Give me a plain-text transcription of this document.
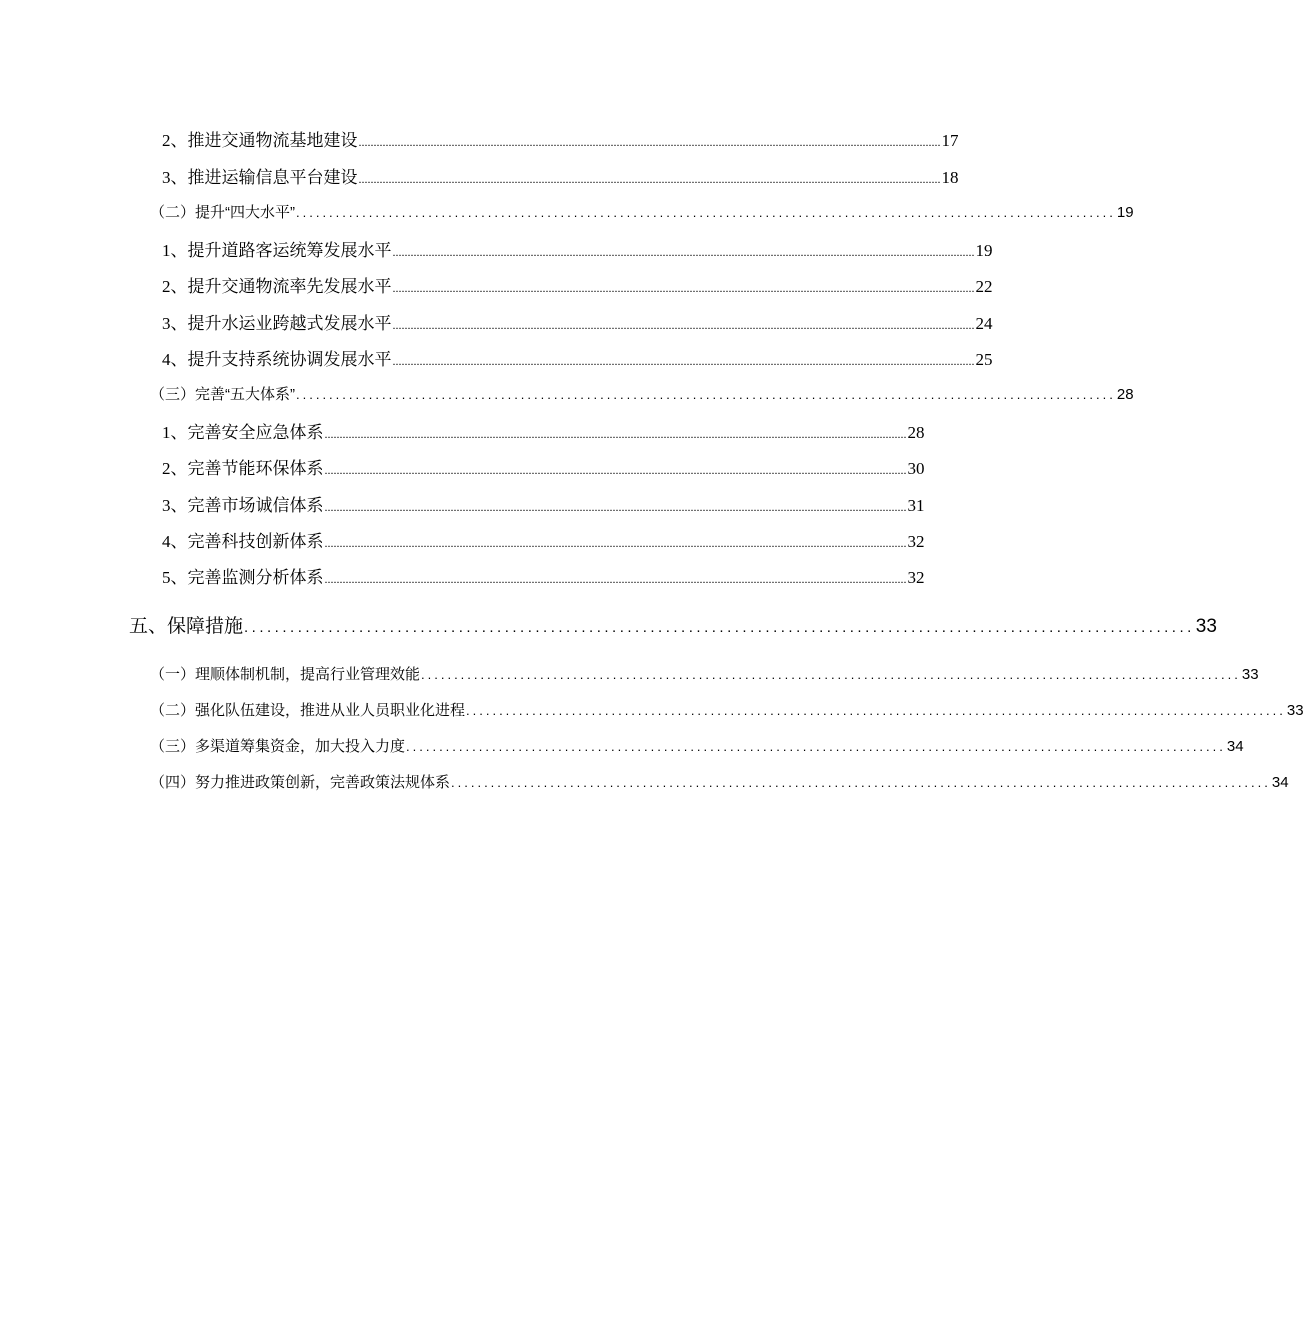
2、推进交通物流基地建设 .................................................................................................................................................................................................. 17
3、推进运输信息平台建设 .................................................................................................................................................................................................. 18
（二）提升“四大水平” ............................................................................................................................ 19
1、提升道路客运统筹发展水平 .................................................................................................................................................................................................. 19
2、提升交通物流率先发展水平 .................................................................................................................................................................................................. 22
3、提升水运业跨越式发展水平 .................................................................................................................................................................................................. 24
4、提升支持系统协调发展水平 .................................................................................................................................................................................................. 25
（三）完善“五大体系” ............................................................................................................................ 28
1、完善安全应急体系 .................................................................................................................................................................................................. 28
2、完善节能环保体系 .................................................................................................................................................................................................. 30
3、完善市场诚信体系 .................................................................................................................................................................................................. 31
4、完善科技创新体系 .................................................................................................................................................................................................. 32
5、完善监测分析体系 .................................................................................................................................................................................................. 32
五、保障措施 ............................................................................................................................ 33
（一）理顺体制机制，提高行业管理效能 ............................................................................................................................ 33
（二）强化队伍建设，推进从业人员职业化进程 ............................................................................................................................ 33
（三）多渠道筹集资金，加大投入力度 ............................................................................................................................ 34
（四）努力推进政策创新，完善政策法规体系 ............................................................................................................................ 34
